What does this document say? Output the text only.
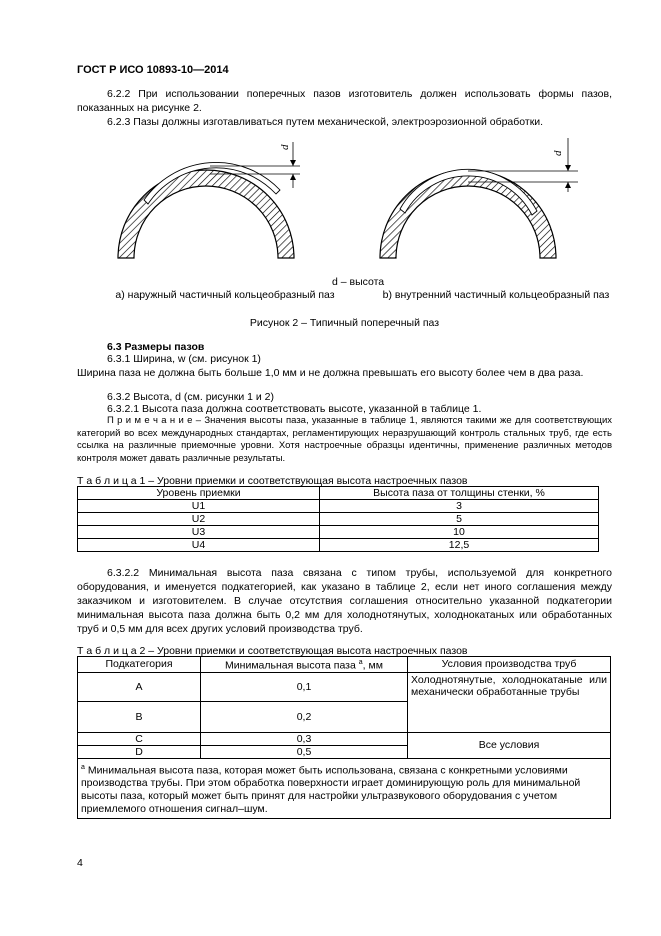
ГОСТ Р ИСО 10893-10—2014
6.2.2 При использовании поперечных пазов изготовитель должен использовать формы пазов, показанных на рисунке 2.
6.2.3 Пазы должны изготавливаться путем механической, электроэрозионной обработки.
d
d
d – высота
а) наружный частичный кольцеобразный паз	b) внутренний частичный кольцеобразный паз
Рисунок 2 – Типичный поперечный паз
6.3 Размеры пазов
6.3.1 Ширина, w (см. рисунок 1)
Ширина паза не должна быть больше 1,0 мм и не должна превышать его высоту более чем в два раза.
6.3.2 Высота, d (см. рисунки 1 и 2)
6.3.2.1 Высота паза должна соответствовать высоте, указанной в таблице 1.
П р и м е ч а н и е – Значения высоты паза, указанные в таблице 1, являются такими же для соответствующих категорий во всех международных стандартах, регламентирующих неразрушающий контроль стальных труб, где есть ссылка на различные приемочные уровни. Хотя настроечные образцы идентичны, применение различных методов контроля может давать различные результаты.
Т а б л и ц а 1 – Уровни приемки и соответствующая высота настроечных пазов
Уровень приемки	Высота паза от толщины стенки, %
U1	3
U2	5
U3	10
U4	12,5
6.3.2.2 Минимальная высота паза связана с типом трубы, используемой для конкретного оборудования, и именуется подкатегорией, как указано в таблице 2, если нет иного соглашения между заказчиком и изготовителем. В случае отсутствия соглашения относительно указанной подкатегории минимальная высота паза должна быть 0,2 мм для холоднотянутых, холоднокатаных или обработанных труб и 0,5 мм для всех других условий производства труб.
Т а б л и ц а 2 – Уровни приемки и соответствующая высота настроечных пазов
Подкатегория	Минимальная высота паза $^a$, мм	Условия производства труб
A	0,1	Холоднотянутые, холоднокатаные или механически обработанные трубы
B	0,2	
C	0,3	Все условия
D	0,5	
$^a$ Минимальная высота паза, которая может быть использована, связана с конкретными условиями производства трубы. При этом обработка поверхности играет доминирующую роль для минимальной высоты паза, который может быть принят для настройки ультразвукового оборудования с учетом приемлемого отношения сигнал–шум.		
4
